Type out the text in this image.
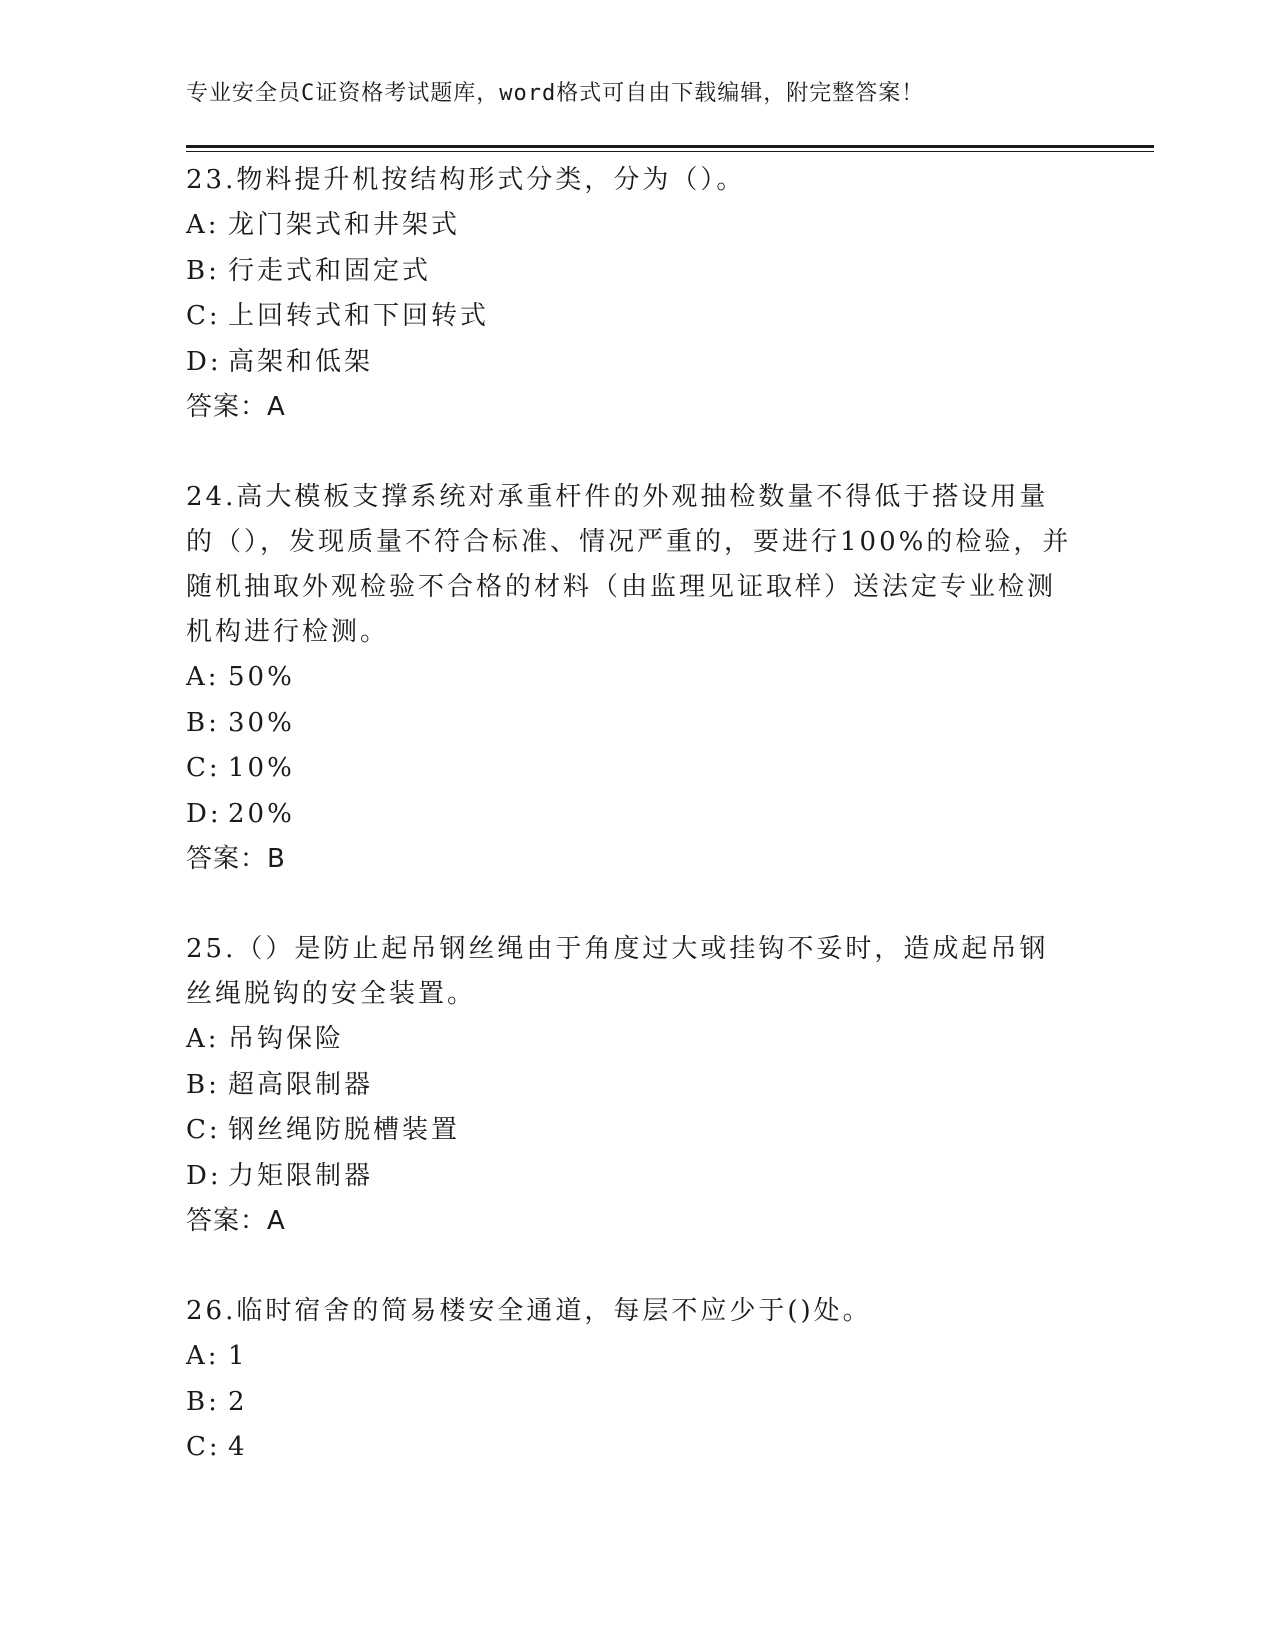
专业安全员C证资格考试题库，word格式可自由下载编辑，附完整答案！

23.物料提升机按结构形式分类，分为（）。

A: 龙门架式和井架式

B: 行走式和固定式

C: 上回转式和下回转式

D: 高架和低架

答案：A

24.高大模板支撑系统对承重杆件的外观抽检数量不得低于搭设用量的（），发现质量不符合标准、情况严重的，要进行100%的检验，并随机抽取外观检验不合格的材料（由监理见证取样）送法定专业检测机构进行检测。

A: 50%

B: 30%

C: 10%

D: 20%

答案：B

25.（）是防止起吊钢丝绳由于角度过大或挂钩不妥时，造成起吊钢丝绳脱钩的安全装置。

A: 吊钩保险

B: 超高限制器

C: 钢丝绳防脱槽装置

D: 力矩限制器

答案：A

26.临时宿舍的简易楼安全通道，每层不应少于()处。

A: 1

B: 2

C: 4
